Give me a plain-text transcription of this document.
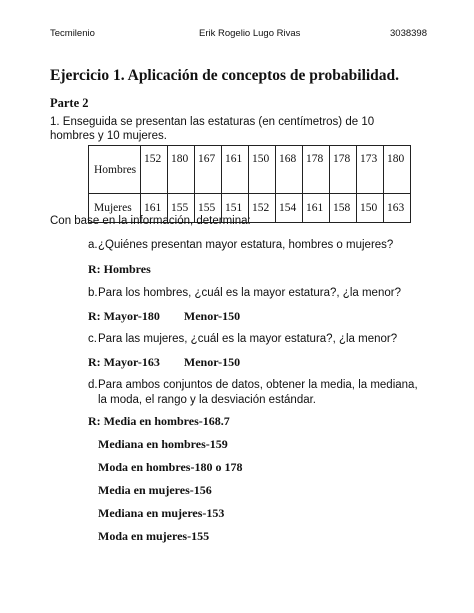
Tecmilenio	Erik Rogelio Lugo Rivas	3038398
Ejercicio 1. Aplicación de conceptos de probabilidad.
Parte 2
1. Enseguida se presentan las estaturas (en centímetros) de 10 hombres y 10 mujeres.
Hombres	152	180	167	161	150	168	178	178	173	180
Mujeres	161	155	155	151	152	154	161	158	150	163
Con base en la información, determina:
a. ¿Quiénes presentan mayor estatura, hombres o mujeres?
R: Hombres
b. Para los hombres, ¿cuál es la mayor estatura?, ¿la menor?
R: Mayor-180 Menor-150
c. Para las mujeres, ¿cuál es la mayor estatura?, ¿la menor?
R: Mayor-163 Menor-150
d. Para ambos conjuntos de datos, obtener la media, la mediana, la moda, el rango y la desviación estándar.
R: Media en hombres-168.7
Mediana en hombres-159
Moda en hombres-180 o 178
Media en mujeres-156
Mediana en mujeres-153
Moda en mujeres-155
